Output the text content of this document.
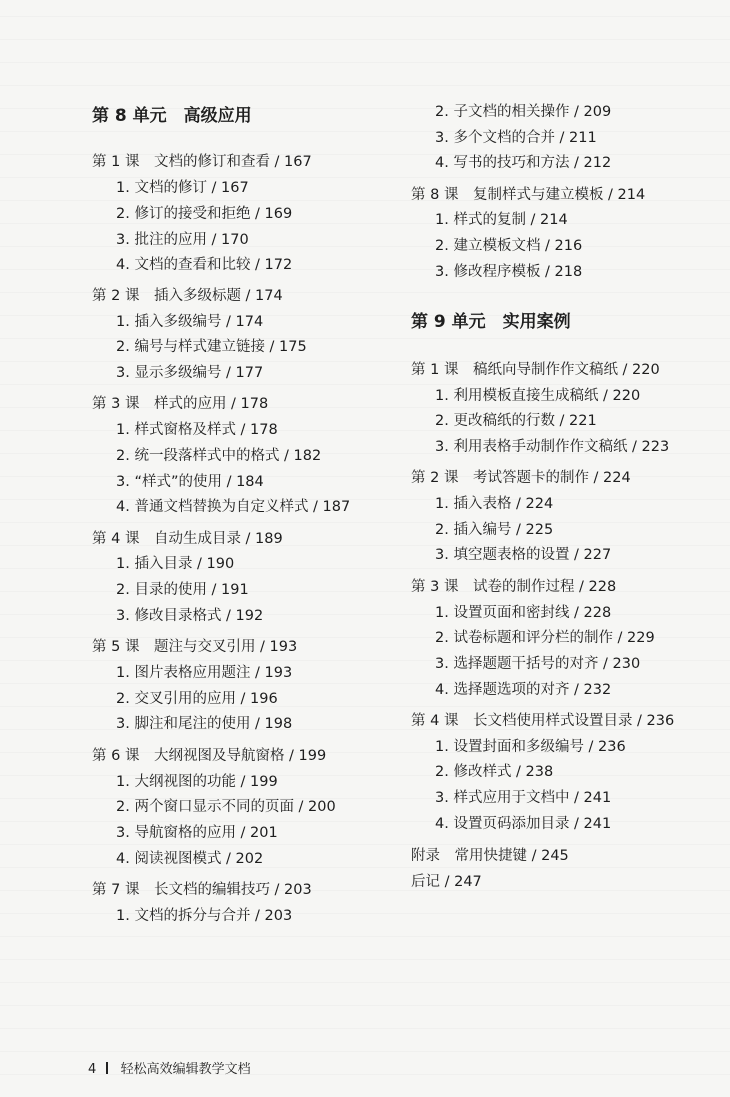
第 8 单元　高级应用
第 1 课　文档的修订和查看 / 167
1. 文档的修订 / 167
2. 修订的接受和拒绝 / 169
3. 批注的应用 / 170
4. 文档的查看和比较 / 172
第 2 课　插入多级标题 / 174
1. 插入多级编号 / 174
2. 编号与样式建立链接 / 175
3. 显示多级编号 / 177
第 3 课　样式的应用 / 178
1. 样式窗格及样式 / 178
2. 统一段落样式中的格式 / 182
3. “样式”的使用 / 184
4. 普通文档替换为自定义样式 / 187
第 4 课　自动生成目录 / 189
1. 插入目录 / 190
2. 目录的使用 / 191
3. 修改目录格式 / 192
第 5 课　题注与交叉引用 / 193
1. 图片表格应用题注 / 193
2. 交叉引用的应用 / 196
3. 脚注和尾注的使用 / 198
第 6 课　大纲视图及导航窗格 / 199
1. 大纲视图的功能 / 199
2. 两个窗口显示不同的页面 / 200
3. 导航窗格的应用 / 201
4. 阅读视图模式 / 202
第 7 课　长文档的编辑技巧 / 203
1. 文档的拆分与合并 / 203
2. 子文档的相关操作 / 209
3. 多个文档的合并 / 211
4. 写书的技巧和方法 / 212
第 8 课　复制样式与建立模板 / 214
1. 样式的复制 / 214
2. 建立模板文档 / 216
3. 修改程序模板 / 218
第 9 单元　实用案例
第 1 课　稿纸向导制作作文稿纸 / 220
1. 利用模板直接生成稿纸 / 220
2. 更改稿纸的行数 / 221
3. 利用表格手动制作作文稿纸 / 223
第 2 课　考试答题卡的制作 / 224
1. 插入表格 / 224
2. 插入编号 / 225
3. 填空题表格的设置 / 227
第 3 课　试卷的制作过程 / 228
1. 设置页面和密封线 / 228
2. 试卷标题和评分栏的制作 / 229
3. 选择题题干括号的对齐 / 230
4. 选择题选项的对齐 / 232
第 4 课　长文档使用样式设置目录 / 236
1. 设置封面和多级编号 / 236
2. 修改样式 / 238
3. 样式应用于文档中 / 241
4. 设置页码添加目录 / 241
附录　常用快捷键 / 245
后记 / 247
4 轻松高效编辑教学文档
